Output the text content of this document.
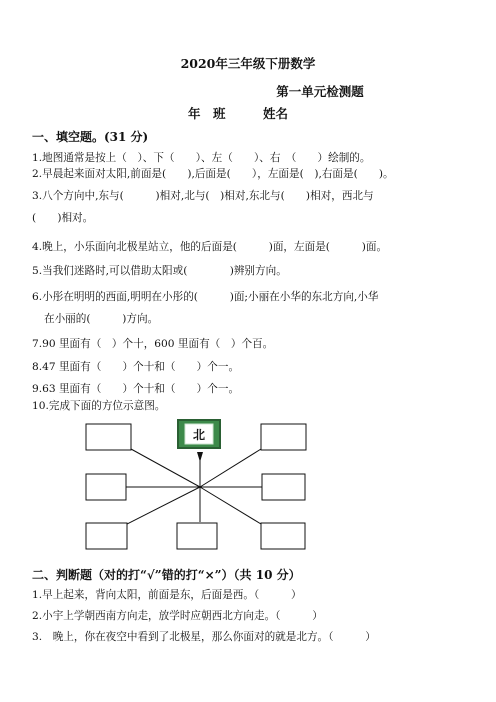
2020年三年级下册数学
第一单元检测题
年　班　　　姓名
一、填空题。(31 分)
1.地图通常是按上（　）、下（　　）、左（　　）、右　（　　）绘制的。
2.早晨起来面对太阳,前面是(　　),后面是(　　），左面是(　),右面是(　　)。
3.八个方向中,东与(　　　)相对,北与(　)相对,东北与(　　)相对，西北与
(　　)相对。
4.晚上，小乐面向北极星站立，他的后面是(　　　)面，左面是(　　　)面。
5.当我们迷路时,可以借助太阳或(　　　　)辨别方向。
6.小彤在明明的西面,明明在小彤的(　　　)面;小丽在小华的东北方向,小华
在小丽的(　　　)方向。
7.90 里面有（　）个十，600 里面有（　）个百。
8.47 里面有（　　）个十和（　　）个一。
9.63 里面有（　　）个十和（　　）个一。
10.完成下面的方位示意图。
北
二、判断题（对的打“√”错的打“×”）（共 10 分）
1.早上起来，背向太阳，前面是东，后面是西。（　　　）
2.小宇上学朝西南方向走，放学时应朝西北方向走。（　　　）
3.　晚上，你在夜空中看到了北极星，那么你面对的就是北方。（　　　）
